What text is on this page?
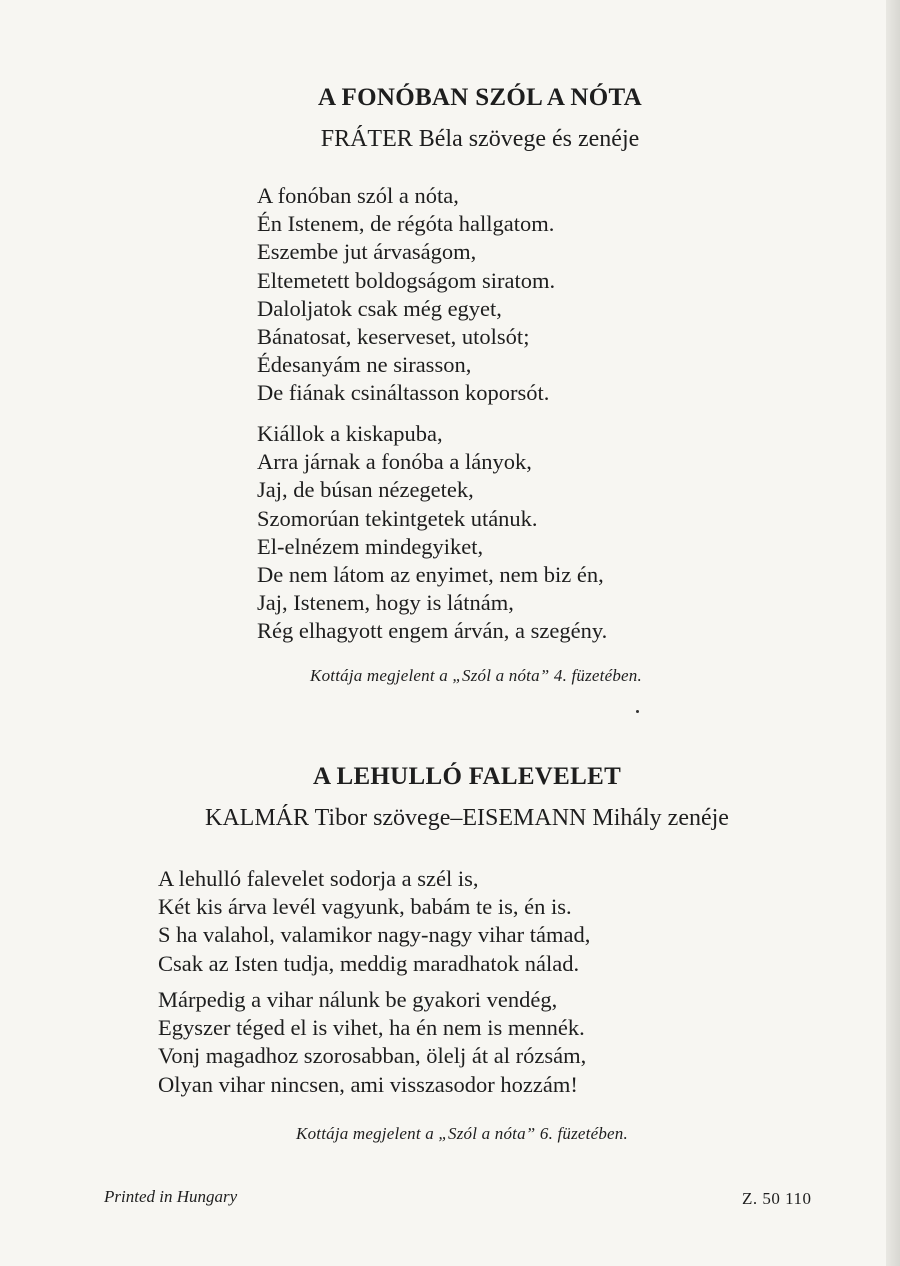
A FONÓBAN SZÓL A NÓTA
FRÁTER Béla szövege és zenéje
A fonóban szól a nóta,
Én Istenem, de régóta hallgatom.
Eszembe jut árvaságom,
Eltemetett boldogságom siratom.
Daloljatok csak még egyet,
Bánatosat, keserveset, utolsót;
Édesanyám ne sirasson,
De fiának csináltasson koporsót.
Kiállok a kiskapuba,
Arra járnak a fonóba a lányok,
Jaj, de búsan nézegetek,
Szomorúan tekintgetek utánuk.
El-elnézem mindegyiket,
De nem látom az enyimet, nem biz én,
Jaj, Istenem, hogy is látnám,
Rég elhagyott engem árván, a szegény.
Kottája megjelent a „Szól a nóta” 4. füzetében.
A LEHULLÓ FALEVELET
KALMÁR Tibor szövege–EISEMANN Mihály zenéje
A lehulló falevelet sodorja a szél is,
Két kis árva levél vagyunk, babám te is, én is.
S ha valahol, valamikor nagy-nagy vihar támad,
Csak az Isten tudja, meddig maradhatok nálad.
Márpedig a vihar nálunk be gyakori vendég,
Egyszer téged el is vihet, ha én nem is mennék.
Vonj magadhoz szorosabban, ölelj át al rózsám,
Olyan vihar nincsen, ami visszasodor hozzám!
Kottája megjelent a „Szól a nóta” 6. füzetében.
Printed in Hungary	Z. 50 110
